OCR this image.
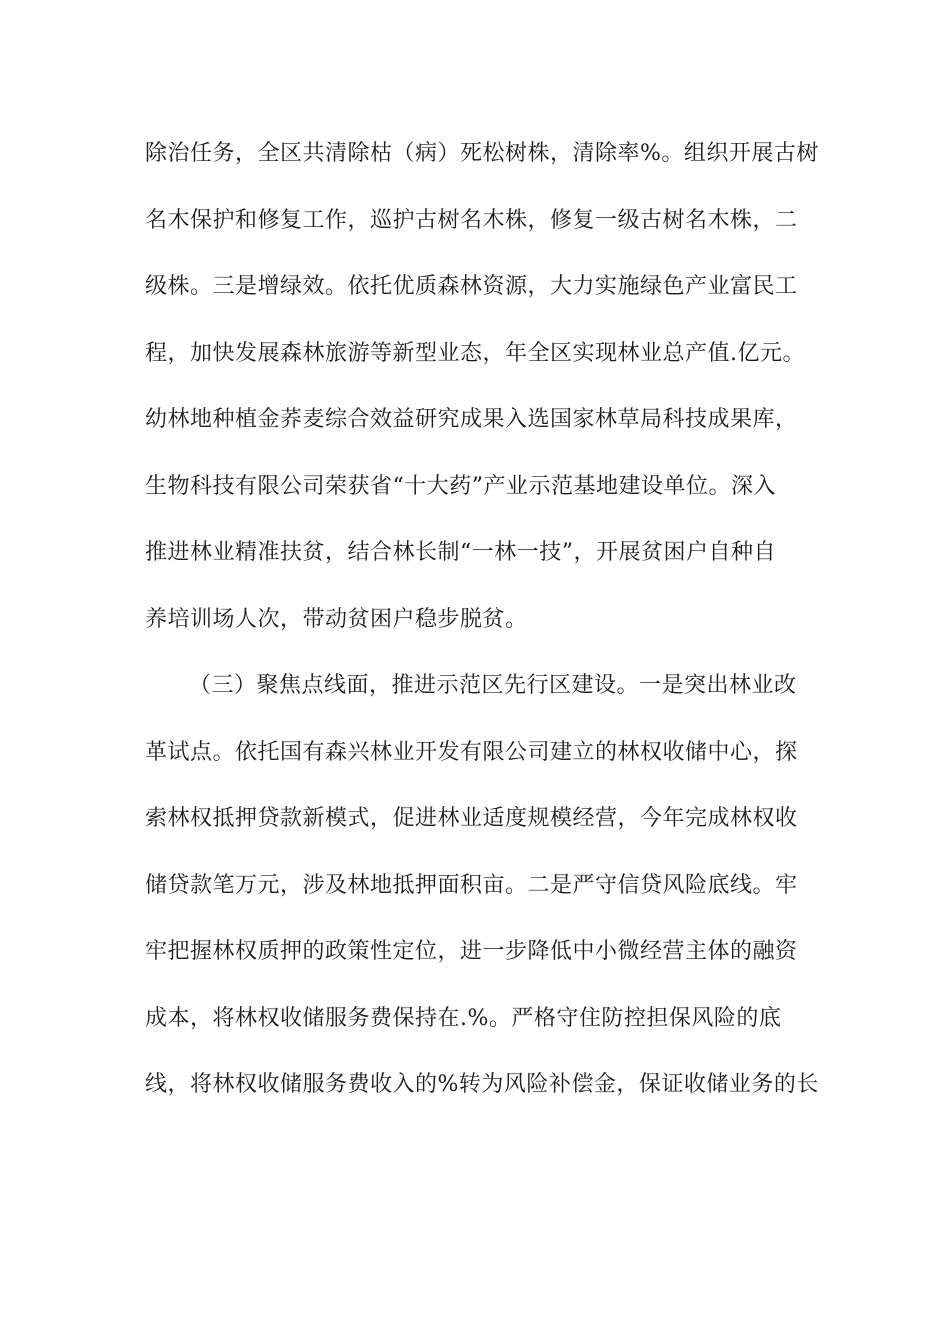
除治任务，全区共清除枯（病）死松树株，清除率%。组织开展古树
名木保护和修复工作，巡护古树名木株，修复一级古树名木株，二
级株。三是增绿效。依托优质森林资源，大力实施绿色产业富民工
程，加快发展森林旅游等新型业态，年全区实现林业总产值.亿元。
幼林地种植金荞麦综合效益研究成果入选国家林草局科技成果库，
生物科技有限公司荣获省“十大药”产业示范基地建设单位。深入
推进林业精准扶贫，结合林长制“一林一技”，开展贫困户自种自
养培训场人次，带动贫困户稳步脱贫。
（三）聚焦点线面，推进示范区先行区建设。一是突出林业改
革试点。依托国有森兴林业开发有限公司建立的林权收储中心，探
索林权抵押贷款新模式，促进林业适度规模经营，今年完成林权收
储贷款笔万元，涉及林地抵押面积亩。二是严守信贷风险底线。牢
牢把握林权质押的政策性定位，进一步降低中小微经营主体的融资
成本，将林权收储服务费保持在.%。严格守住防控担保风险的底
线，将林权收储服务费收入的%转为风险补偿金，保证收储业务的长
